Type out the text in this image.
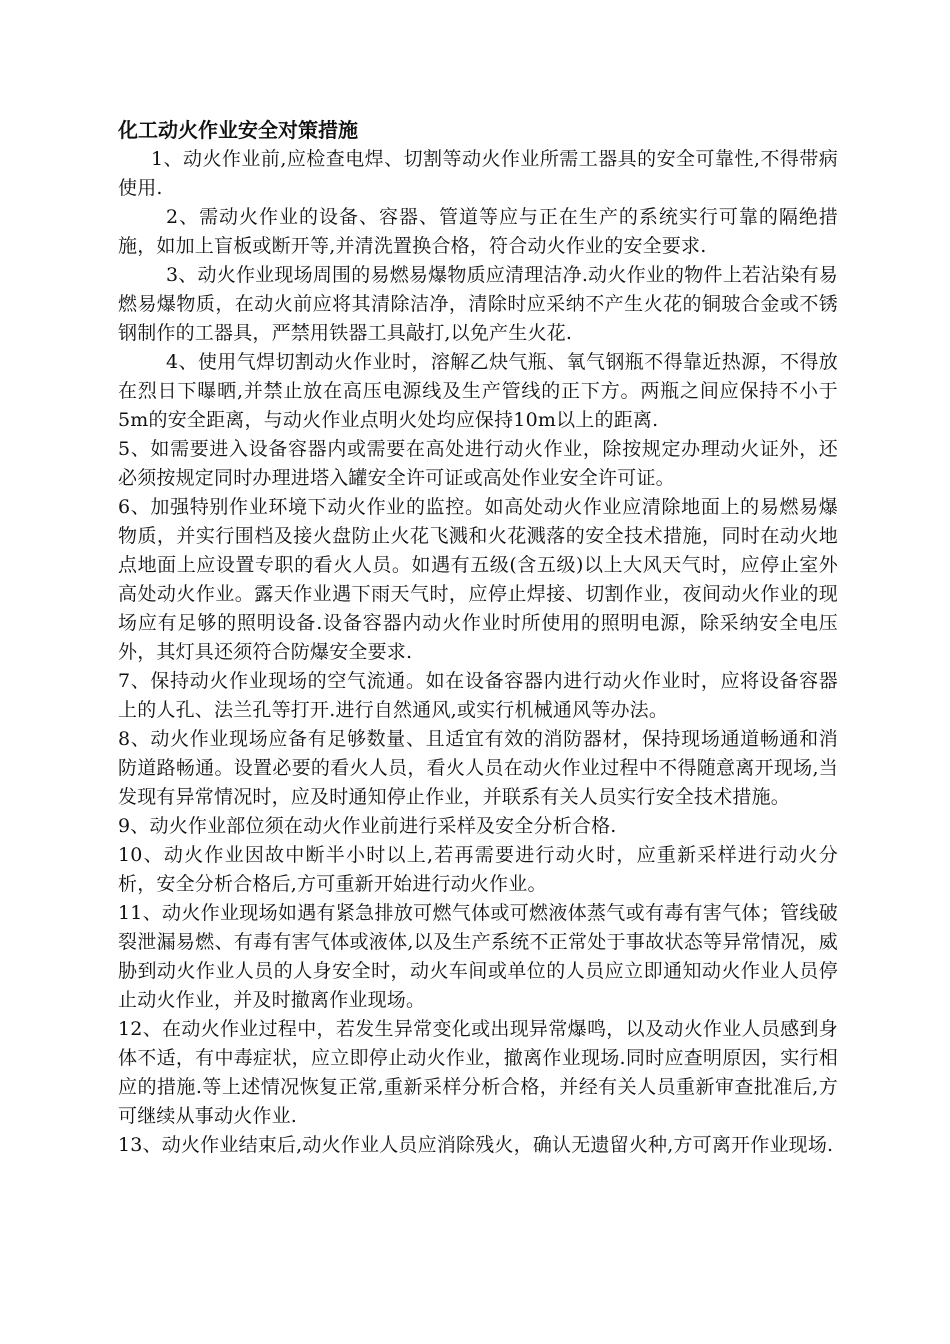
化工动火作业安全对策措施

1、动火作业前,应检查电焊、切割等动火作业所需工器具的安全可靠性,不得带病使用.

2、需动火作业的设备、容器、管道等应与正在生产的系统实行可靠的隔绝措施，如加上盲板或断开等,并清洗置换合格，符合动火作业的安全要求.

3、动火作业现场周围的易燃易爆物质应清理洁净.动火作业的物件上若沾染有易燃易爆物质，在动火前应将其清除洁净，清除时应采纳不产生火花的铜玻合金或不锈钢制作的工器具，严禁用铁器工具敲打,以免产生火花.

4、使用气焊切割动火作业时，溶解乙炔气瓶、氧气钢瓶不得靠近热源，不得放在烈日下曝晒,并禁止放在高压电源线及生产管线的正下方。两瓶之间应保持不小于5m的安全距离，与动火作业点明火处均应保持10m以上的距离.

5、如需要进入设备容器内或需要在高处进行动火作业，除按规定办理动火证外，还必须按规定同时办理进塔入罐安全许可证或高处作业安全许可证。

6、加强特别作业环境下动火作业的监控。如高处动火作业应清除地面上的易燃易爆物质，并实行围档及接火盘防止火花飞溅和火花溅落的安全技术措施，同时在动火地点地面上应设置专职的看火人员。如遇有五级(含五级)以上大风天气时，应停止室外高处动火作业。露天作业遇下雨天气时，应停止焊接、切割作业，夜间动火作业的现场应有足够的照明设备.设备容器内动火作业时所使用的照明电源，除采纳安全电压外，其灯具还须符合防爆安全要求.

7、保持动火作业现场的空气流通。如在设备容器内进行动火作业时，应将设备容器上的人孔、法兰孔等打开.进行自然通风,或实行机械通风等办法。

8、动火作业现场应备有足够数量、且适宜有效的消防器材，保持现场通道畅通和消防道路畅通。设置必要的看火人员，看火人员在动火作业过程中不得随意离开现场,当发现有异常情况时，应及时通知停止作业，并联系有关人员实行安全技术措施。

9、动火作业部位须在动火作业前进行采样及安全分析合格.

10、动火作业因故中断半小时以上,若再需要进行动火时，应重新采样进行动火分析，安全分析合格后,方可重新开始进行动火作业。

11、动火作业现场如遇有紧急排放可燃气体或可燃液体蒸气或有毒有害气体；管线破裂泄漏易燃、有毒有害气体或液体,以及生产系统不正常处于事故状态等异常情况，威胁到动火作业人员的人身安全时，动火车间或单位的人员应立即通知动火作业人员停止动火作业，并及时撤离作业现场。

12、在动火作业过程中，若发生异常变化或出现异常爆鸣，以及动火作业人员感到身体不适，有中毒症状，应立即停止动火作业，撤离作业现场.同时应查明原因，实行相应的措施.等上述情况恢复正常,重新采样分析合格，并经有关人员重新审查批准后,方可继续从事动火作业.

13、动火作业结束后,动火作业人员应消除残火，确认无遗留火种,方可离开作业现场.
